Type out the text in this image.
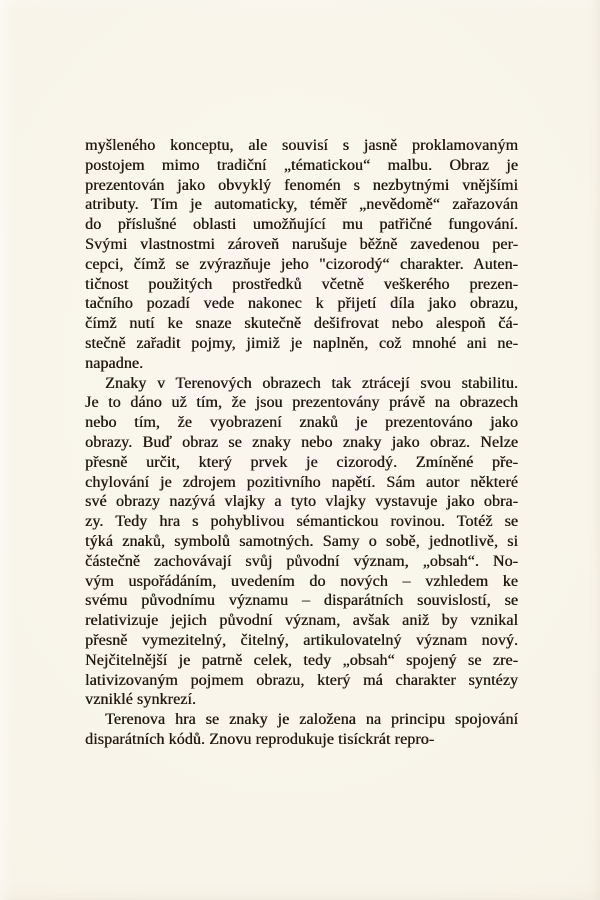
myšleného konceptu, ale souvisí s jasně proklamovaným
postojem mimo tradiční „tématickou“ malbu. Obraz je
prezentován jako obvyklý fenomén s nezbytnými vnějšími
atributy. Tím je automaticky, téměř „nevědomě“ zařazován
do příslušné oblasti umožňující mu patřičné fungování.
Svými vlastnostmi zároveň narušuje běžně zavedenou per-
cepci, čímž se zvýrazňuje jeho "cizorodý“ charakter. Auten-
tičnost použitých prostředků včetně veškerého prezen-
tačního pozadí vede nakonec k přijetí díla jako obrazu,
čímž nutí ke snaze skutečně dešifrovat nebo alespoň čá-
stečně zařadit pojmy, jimiž je naplněn, což mnohé ani ne-
napadne.
Znaky v Terenových obrazech tak ztrácejí svou stabilitu.
Je to dáno už tím, že jsou prezentovány právě na obrazech
nebo tím, že vyobrazení znaků je prezentováno jako
obrazy. Buď obraz se znaky nebo znaky jako obraz. Nelze
přesně určit, který prvek je cizorodý. Zmíněné pře-
chylování je zdrojem pozitivního napětí. Sám autor některé
své obrazy nazývá vlajky a tyto vlajky vystavuje jako obra-
zy. Tedy hra s pohyblivou sémantickou rovinou. Totéž se
týká znaků, symbolů samotných. Samy o sobě, jednotlivě, si
částečně zachovávají svůj původní význam, „obsah“. No-
vým uspořádáním, uvedením do nových – vzhledem ke
svému původnímu významu – disparátních souvislostí, se
relativizuje jejich původní význam, avšak aniž by vznikal
přesně vymezitelný, čitelný, artikulovatelný význam nový.
Nejčitelnější je patrně celek, tedy „obsah“ spojený se zre-
lativizovaným pojmem obrazu, který má charakter syntézy
vzniklé synkrezí.
Terenova hra se znaky je založena na principu spojování
disparátních kódů. Znovu reprodukuje tisíckrát repro-
